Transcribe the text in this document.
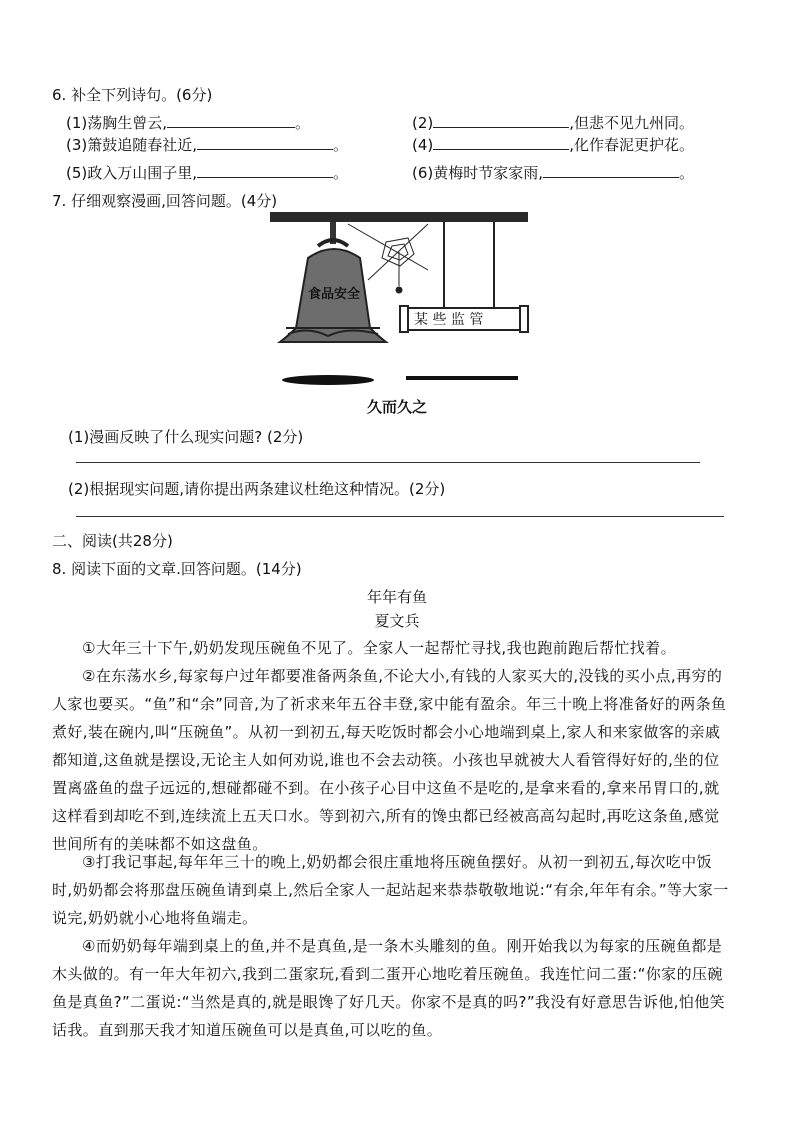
6. 补全下列诗句。(6分)
(1)荡胸生曾云,	。	(2)	,但悲不见九州同。
(3)箫鼓追随春社近,	。	(4)	,化作春泥更护花。
(5)政入万山围子里,	。	(6)黄梅时节家家雨,	。
7. 仔细观察漫画,回答问题。(4分)
食品安全
某 些 监 管
久而久之
(1)漫画反映了什么现实问题? (2分)
(2)根据现实问题,请你提出两条建议杜绝这种情况。(2分)
二、阅读(共28分)
8. 阅读下面的文章.回答问题。(14分)
年年有鱼
夏文兵
①大年三十下午,奶奶发现压碗鱼不见了。全家人一起帮忙寻找,我也跑前跑后帮忙找着。
②在东荡水乡,每家每户过年都要准备两条鱼,不论大小,有钱的人家买大的,没钱的买小点,再穷的人家也要买。“鱼”和“余”同音,为了祈求来年五谷丰登,家中能有盈余。年三十晚上将准备好的两条鱼煮好,装在碗内,叫“压碗鱼”。从初一到初五,每天吃饭时都会小心地端到桌上,家人和来家做客的亲戚都知道,这鱼就是摆设,无论主人如何劝说,谁也不会去动筷。小孩也早就被大人看管得好好的,坐的位置离盛鱼的盘子远远的,想碰都碰不到。在小孩子心目中这鱼不是吃的,是拿来看的,拿来吊胃口的,就这样看到却吃不到,连续流上五天口水。等到初六,所有的馋虫都已经被高高勾起时,再吃这条鱼,感觉世间所有的美味都不如这盘鱼。
③打我记事起,每年年三十的晚上,奶奶都会很庄重地将压碗鱼摆好。从初一到初五,每次吃中饭时,奶奶都会将那盘压碗鱼请到桌上,然后全家人一起站起来恭恭敬敬地说:“有余,年年有余。”等大家一说完,奶奶就小心地将鱼端走。
④而奶奶每年端到桌上的鱼,并不是真鱼,是一条木头雕刻的鱼。刚开始我以为每家的压碗鱼都是木头做的。有一年大年初六,我到二蛋家玩,看到二蛋开心地吃着压碗鱼。我连忙问二蛋:“你家的压碗鱼是真鱼?”二蛋说:“当然是真的,就是眼馋了好几天。你家不是真的吗?”我没有好意思告诉他,怕他笑话我。直到那天我才知道压碗鱼可以是真鱼,可以吃的鱼。
